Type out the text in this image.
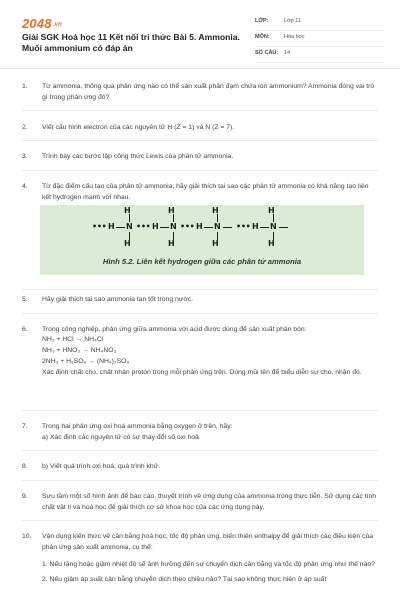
2048.vn
Giải SGK Hoá học 11 Kết nối tri thức Bài 5. Ammonia. Muối ammonium có đáp án
LỚP:	Lớp 11
MÔN:	Hóa học
SỐ CÂU: 14
1.	Từ ammonia, thông qua phản ứng nào có thể sản xuất phân đạm chứa ion ammonium? Ammonia đóng vai trò gì trong phản ứng đó?
2.	Viết cấu hình electron của các nguyên tử H (Z = 1) và N (Z = 7).
3.	Trình bày các bước lập công thức Lewis của phân tử ammonia.
4.	Từ đặc điểm cấu tạo của phân tử ammonia, hãy giải thích tại sao các phân tử ammonia có khả năng tạo liên kết hydrogen mạnh với nhau.
••• H N
H
H
••• H N
H
H
••• H N
H
H
••• H N
H
H
Hình 5.2. Liên kết hydrogen giữa các phân tử ammonia
5.	Hãy giải thích tại sao ammonia tan tốt trong nước.
6.	Trong công nghiệp, phản ứng giữa ammonia với acid được dùng để sản xuất phân bón:
NH₃ + HCl → NH₄Cl
NH₃ + HNO₃ → NH₄NO₃
2NH₃ + H₂SO₄ → (NH₄)₂SO₄
Xác định chất cho, chất nhận proton trong mỗi phản ứng trên. Dùng mũi tên để biểu diễn sự cho, nhận đó.
7.	Trong hai phản ứng oxi hoá ammonia bằng oxygen ở trên, hãy:
a) Xác định các nguyên tử có sự thay đổi số oxi hoá.
8.	b) Viết quá trình oxi hoá, quá trình khử.
9.	Sưu tầm một số hình ảnh để báo cáo, thuyết trình về ứng dụng của ammonia trong thực tiễn. Sử dụng các tính chất vật lí và hoá học để giải thích cơ sở khoa học của các ứng dụng này.
10.	Vận dụng kiến thức về cân bằng hoá học, tốc độ phản ứng, biến thiên enthalpy để giải thích các điều kiện của phản ứng sản xuất ammonia, cụ thể:
1. Nếu tăng hoặc giảm nhiệt độ sẽ ảnh hưởng đến sự chuyển dịch cân bằng và tốc độ phản ứng như thế nào?
2. Nếu giảm áp suất cân bằng chuyển dịch theo chiều nào? Tại sao không thực hiện ở áp suất
